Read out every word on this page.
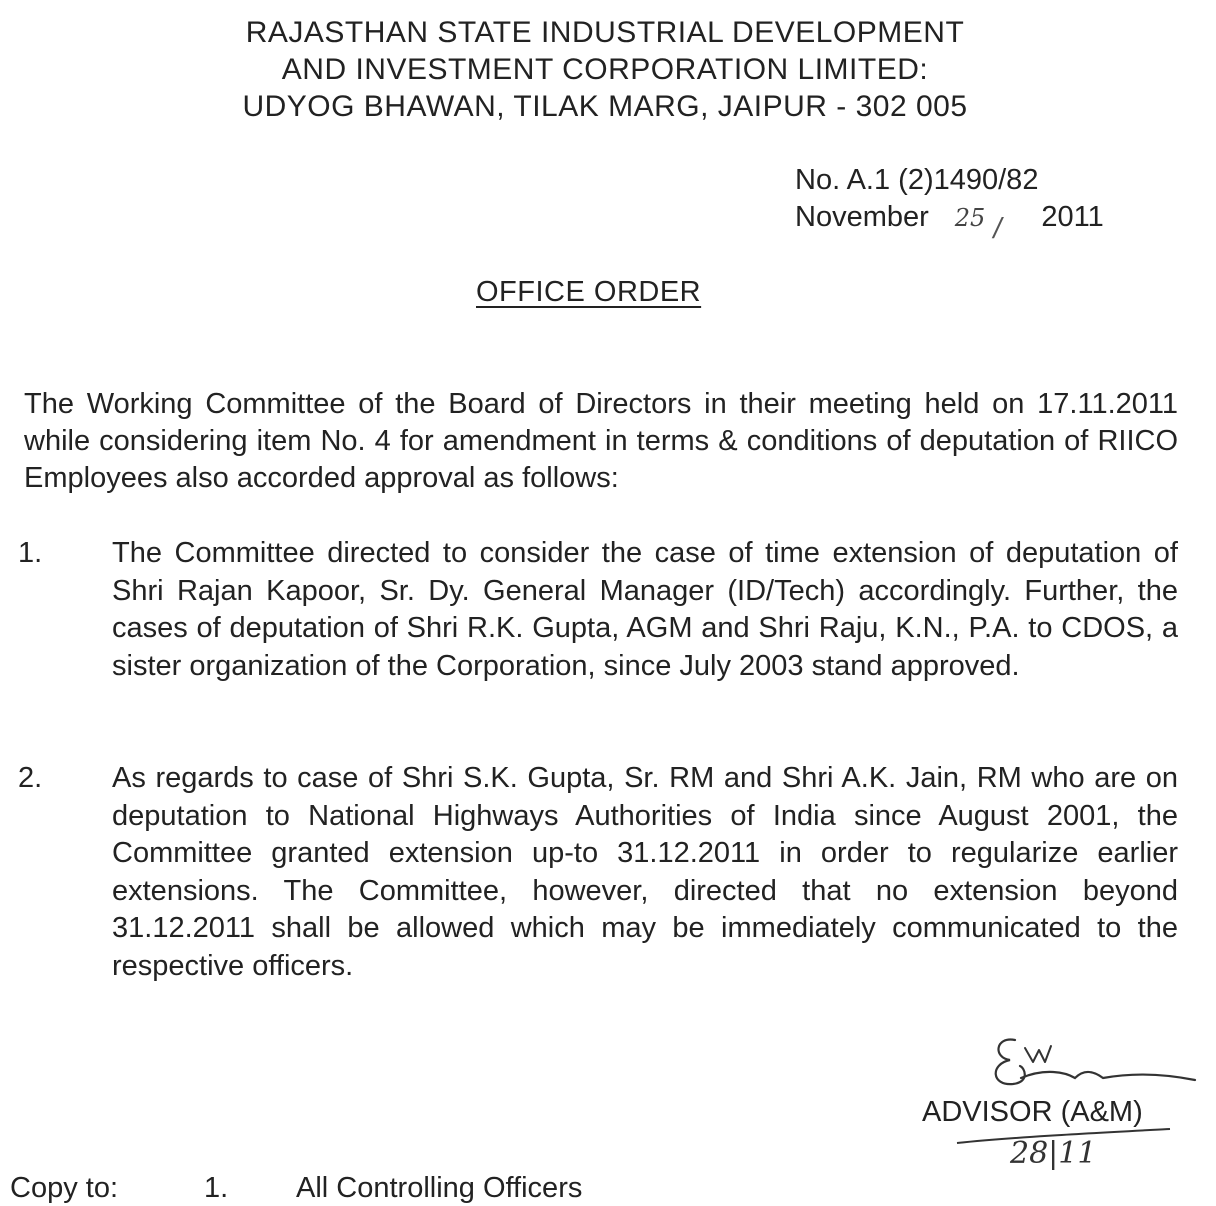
RAJASTHAN STATE INDUSTRIAL DEVELOPMENT
AND INVESTMENT CORPORATION LIMITED:
UDYOG BHAWAN, TILAK MARG, JAIPUR - 302 005
No. A.1 (2)1490/82
November 25 / 2011
OFFICE ORDER
The Working Committee of the Board of Directors in their meeting held on 17.11.2011 while considering item No. 4 for amendment in terms & conditions of deputation of RIICO Employees also accorded approval as follows:
1.	The Committee directed to consider the case of time extension of deputation of Shri Rajan Kapoor, Sr. Dy. General Manager (ID/Tech) accordingly. Further, the cases of deputation of Shri R.K. Gupta, AGM and Shri Raju, K.N., P.A. to CDOS, a sister organization of the Corporation, since July 2003 stand approved.
2.	As regards to case of Shri S.K. Gupta, Sr. RM and Shri A.K. Jain, RM who are on deputation to National Highways Authorities of India since August 2001, the Committee granted extension up-to 31.12.2011 in order to regularize earlier extensions. The Committee, however, directed that no extension beyond 31.12.2011 shall be allowed which may be immediately communicated to the respective officers.
ADVISOR (A&M)
28|11
Copy to:	1. All Controlling Officers
